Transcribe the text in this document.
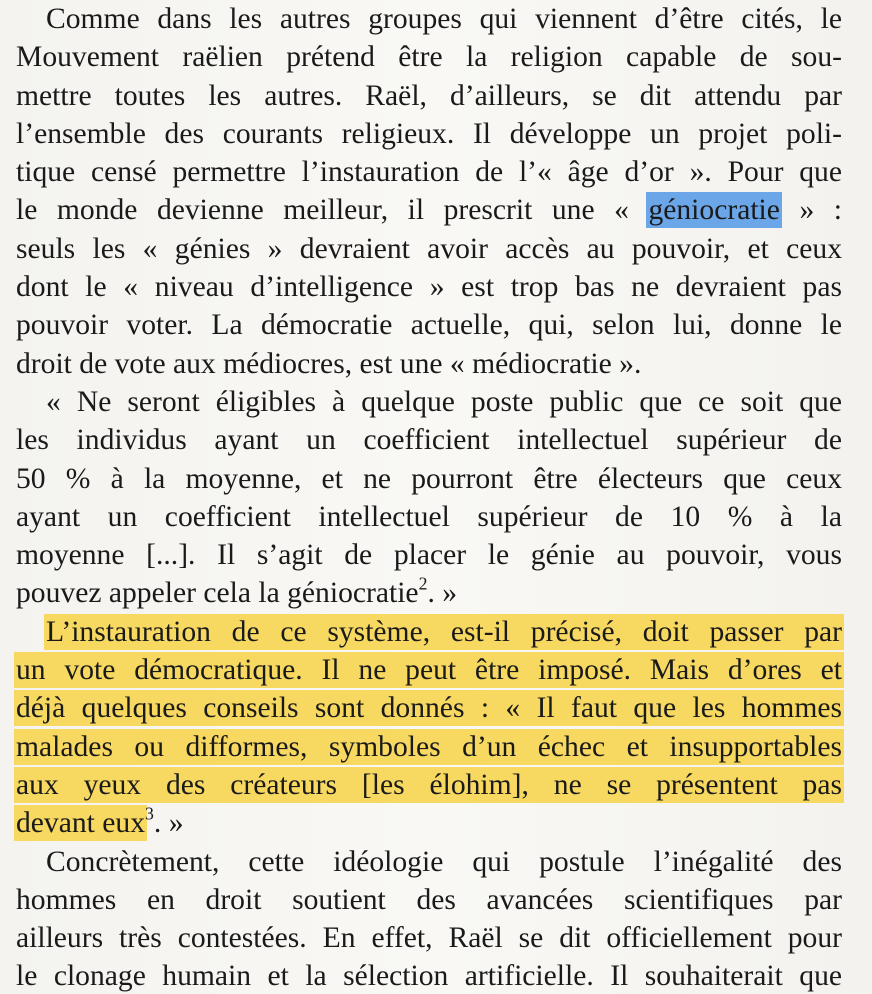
Comme dans les autres groupes qui viennent d’être cités, le
Mouvement raëlien prétend être la religion capable de sou-
mettre toutes les autres. Raël, d’ailleurs, se dit attendu par
l’ensemble des courants religieux. Il développe un projet poli-
tique censé permettre l’instauration de l’« âge d’or ». Pour que
le monde devienne meilleur, il prescrit une « géniocratie » :
seuls les « génies » devraient avoir accès au pouvoir, et ceux
dont le « niveau d’intelligence » est trop bas ne devraient pas
pouvoir voter. La démocratie actuelle, qui, selon lui, donne le
droit de vote aux médiocres, est une « médiocratie ».
« Ne seront éligibles à quelque poste public que ce soit que
les individus ayant un coefficient intellectuel supérieur de
50 % à la moyenne, et ne pourront être électeurs que ceux
ayant un coefficient intellectuel supérieur de 10 % à la
moyenne [...]. Il s’agit de placer le génie au pouvoir, vous
pouvez appeler cela la géniocratie$^2$. »
L’instauration de ce système, est-il précisé, doit passer par
un vote démocratique. Il ne peut être imposé. Mais d’ores et
déjà quelques conseils sont donnés : « Il faut que les hommes
malades ou difformes, symboles d’un échec et insupportables
aux yeux des créateurs [les élohim], ne se présentent pas
devant eux$^3$. »
Concrètement, cette idéologie qui postule l’inégalité des
hommes en droit soutient des avancées scientifiques par
ailleurs très contestées. En effet, Raël se dit officiellement pour
le clonage humain et la sélection artificielle. Il souhaiterait que
